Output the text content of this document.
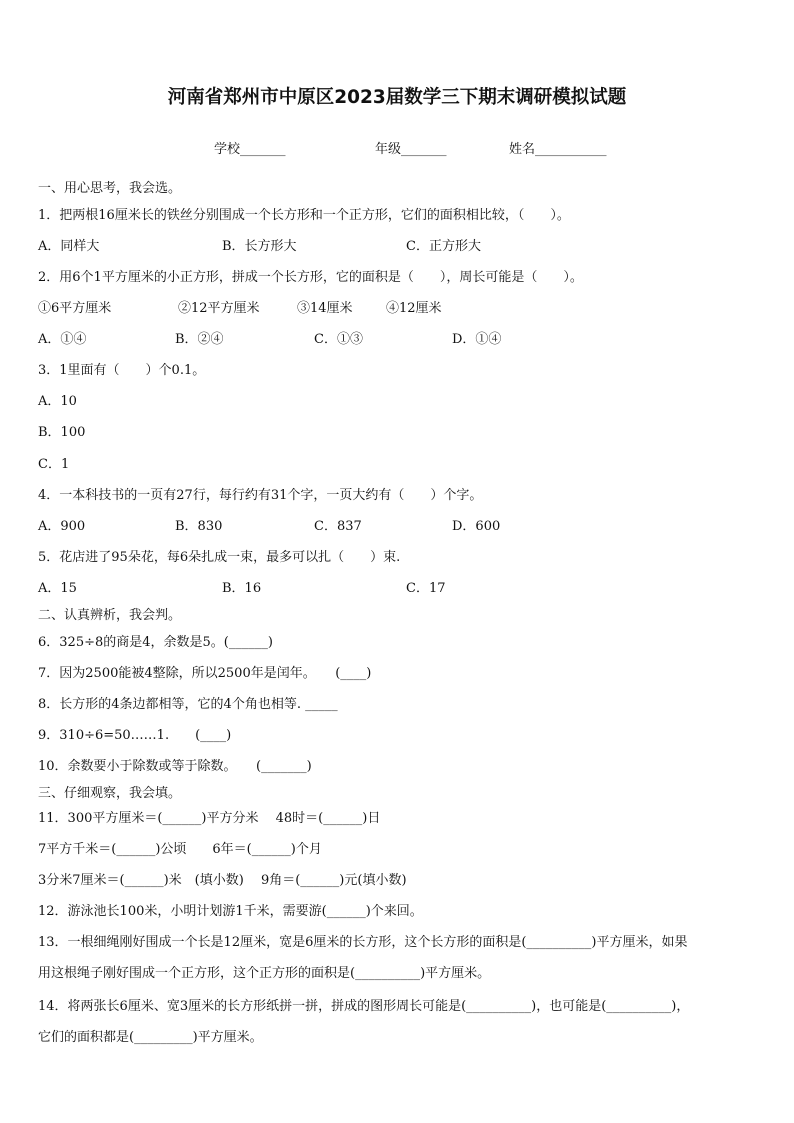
河南省郑州市中原区2023届数学三下期末调研模拟试题
学校_______	年级_______	姓名___________
一、用心思考，我会选。
1．把两根16厘米长的铁丝分别围成一个长方形和一个正方形，它们的面积相比较，（　　）。
A．同样大	B．长方形大	C．正方形大
2．用6个1平方厘米的小正方形，拼成一个长方形，它的面积是（　　），周长可能是（　　）。
①6平方厘米	②12平方厘米	③14厘米	④12厘米
A．①④	B．②④	C．①③	D．①④
3．1里面有（　　）个0.1。
A．10
B．100
C．1
4．一本科技书的一页有27行，每行约有31个字，一页大约有（　　）个字。
A．900	B．830	C．837	D．600
5．花店进了95朵花，每6朵扎成一束，最多可以扎（　　）束.
A．15	B．16	C．17
二、认真辨析，我会判。
6．325÷8的商是4，余数是5。(______)
7．因为2500能被4整除，所以2500年是闰年。　　(____)
8．长方形的4条边都相等，它的4个角也相等. _____
9．310÷6=50……1.　　(____)
10．余数要小于除数或等于除数。　　(_______)
三、仔细观察，我会填。
11．300平方厘米＝(______)平方分米　 48时＝(______)日
7平方千米＝(______)公顷　　6年＝(______)个月
3分米7厘米＝(______)米　(填小数)　 9角＝(______)元(填小数)
12．游泳池长100米，小明计划游1千米，需要游(______)个来回。
13．一根细绳刚好围成一个长是12厘米，宽是6厘米的长方形，这个长方形的面积是(__________)平方厘米，如果
用这根绳子刚好围成一个正方形，这个正方形的面积是(__________)平方厘米。
14．将两张长6厘米、宽3厘米的长方形纸拼一拼，拼成的图形周长可能是(__________)，也可能是(__________)，
它们的面积都是(_________)平方厘米。
